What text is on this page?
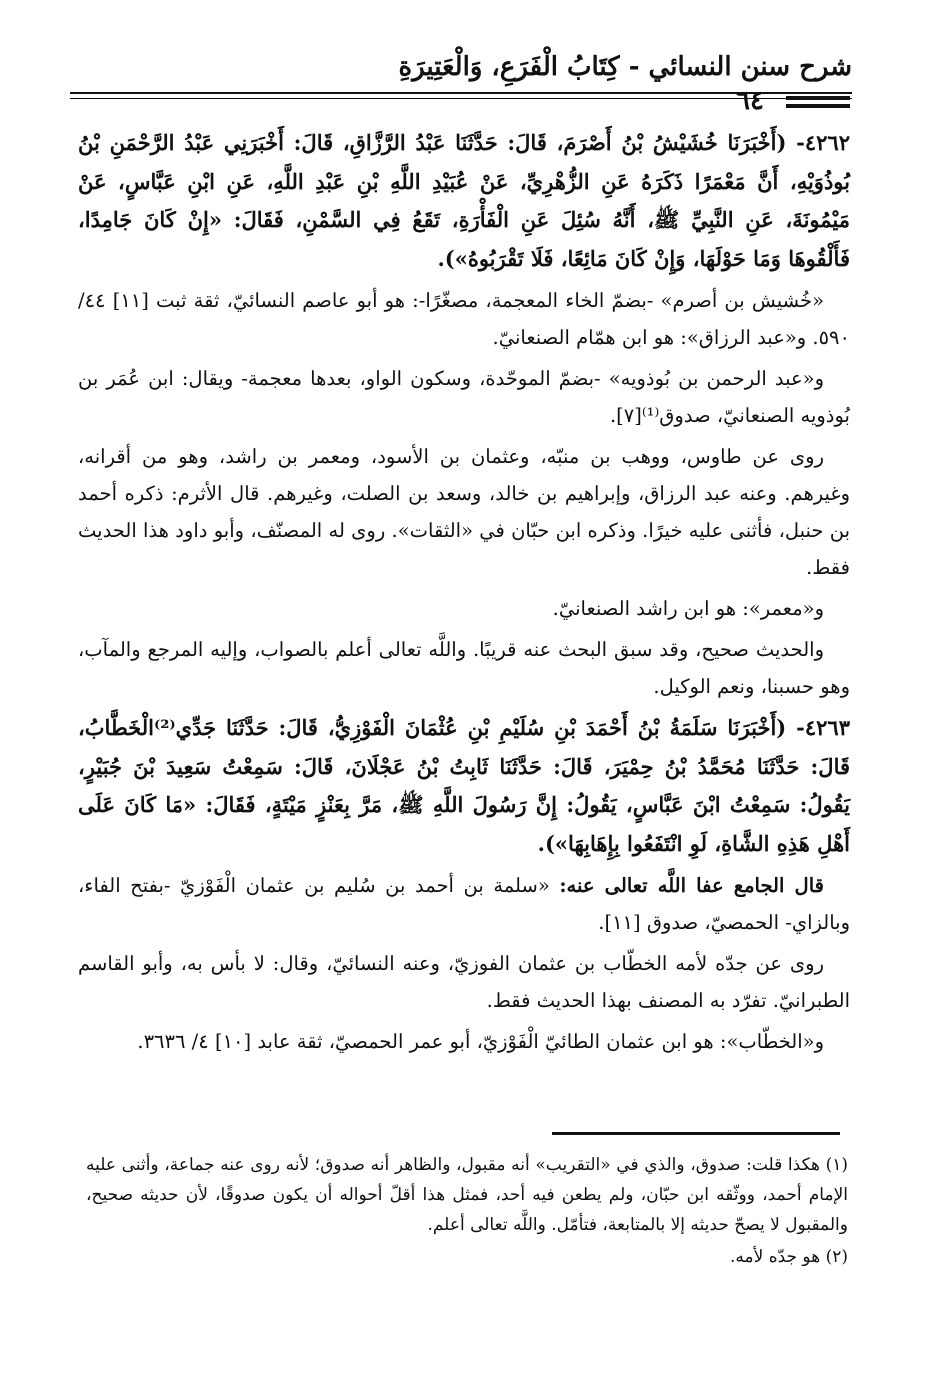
شرح سنن النسائي - كِتَابُ الْفَرَعِ، وَالْعَتِيرَةِ
٦٤

٤٢٦٢- (أَخْبَرَنَا خُشَيْشُ بْنُ أَصْرَمَ، قَالَ: حَدَّثَنَا عَبْدُ الرَّزَّاقِ، قَالَ: أَخْبَرَنِي عَبْدُ الرَّحْمَنِ بْنُ بُوذُوَيْهِ، أَنَّ مَعْمَرًا ذَكَرَهُ عَنِ الزُّهْرِيِّ، عَنْ عُبَيْدِ اللَّهِ بْنِ عَبْدِ اللَّهِ، عَنِ ابْنِ عَبَّاسٍ، عَنْ مَيْمُونَةَ، عَنِ النَّبِيِّ ﷺ، أَنَّهُ سُئِلَ عَنِ الْفَأْرَةِ، تَقَعُ فِي السَّمْنِ، فَقَالَ: «إِنْ كَانَ جَامِدًا، فَأَلْقُوهَا وَمَا حَوْلَهَا، وَإِنْ كَانَ مَائِعًا، فَلَا تَقْرَبُوهُ»).

«خُشيش بن أصرم» -بضمّ الخاء المعجمة، مصغّرًا-: هو أبو عاصم النسائيّ، ثقة ثبت [١١] ٤٤/ ٥٩٠. و«عبد الرزاق»: هو ابن همّام الصنعانيّ.

و«عبد الرحمن بن بُوذويه» -بضمّ الموحّدة، وسكون الواو، بعدها معجمة- ويقال: ابن عُمَر بن بُوذويه الصنعانيّ، صدوق⁽¹⁾[٧].

روى عن طاوس، ووهب بن منبّه، وعثمان بن الأسود، ومعمر بن راشد، وهو من أقرانه، وغيرهم. وعنه عبد الرزاق، وإبراهيم بن خالد، وسعد بن الصلت، وغيرهم. قال الأثرم: ذكره أحمد بن حنبل، فأثنى عليه خيرًا. وذكره ابن حبّان في «الثقات». روى له المصنّف، وأبو داود هذا الحديث فقط.

و«معمر»: هو ابن راشد الصنعانيّ.

والحديث صحيح، وقد سبق البحث عنه قريبًا. واللَّه تعالى أعلم بالصواب، وإليه المرجع والمآب، وهو حسبنا، ونعم الوكيل.

٤٢٦٣- (أَخْبَرَنَا سَلَمَةُ بْنُ أَحْمَدَ بْنِ سُلَيْمِ بْنِ عُثْمَانَ الْفَوْزِيُّ، قَالَ: حَدَّثَنَا جَدِّي⁽²⁾الْخَطَّابُ، قَالَ: حَدَّثَنَا مُحَمَّدُ بْنُ حِمْيَرَ، قَالَ: حَدَّثَنَا ثَابِتُ بْنُ عَجْلَانَ، قَالَ: سَمِعْتُ سَعِيدَ بْنَ جُبَيْرٍ، يَقُولُ: سَمِعْتُ ابْنَ عَبَّاسٍ، يَقُولُ: إِنَّ رَسُولَ اللَّهِ ﷺ، مَرَّ بِعَنْزٍ مَيْتَةٍ، فَقَالَ: «مَا كَانَ عَلَى أَهْلِ هَذِهِ الشَّاةِ، لَوِ انْتَفَعُوا بِإِهَابِهَا»).

قال الجامع عفا اللَّه تعالى عنه: «سلمة بن أحمد بن سُليم بن عثمان الْفَوْزيّ -بفتح الفاء، وبالزاي- الحمصيّ، صدوق [١١].

روى عن جدّه لأمه الخطّاب بن عثمان الفوزيّ، وعنه النسائيّ، وقال: لا بأس به، وأبو القاسم الطبرانيّ. تفرّد به المصنف بهذا الحديث فقط.

و«الخطّاب»: هو ابن عثمان الطائيّ الْفَوْزيّ، أبو عمر الحمصيّ، ثقة عابد [١٠] ٤/ ٣٦٣٦.

(١) هكذا قلت: صدوق، والذي في «التقريب» أنه مقبول، والظاهر أنه صدوق؛ لأنه روى عنه جماعة، وأثنى عليه الإمام أحمد، ووثّقه ابن حبّان، ولم يطعن فيه أحد، فمثل هذا أقلّ أحواله أن يكون صدوقًا، لأن حديثه صحيح، والمقبول لا يصحّ حديثه إلا بالمتابعة، فتأمّل. واللَّه تعالى أعلم.

(٢) هو جدّه لأمه.
